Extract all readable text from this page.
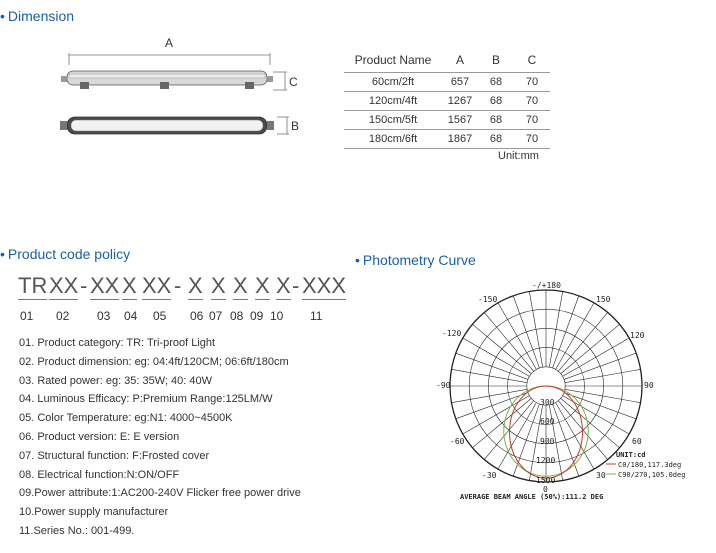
• Dimension
A
C
B
Product Name	A	B	C
60cm/2ft	657	68	70
120cm/4ft	1267	68	70
150cm/5ft	1567	68	70
180cm/6ft	1867	68	70
Unit:mm
• Product code policy
TR XX - XX X XX - X X X X X - XXX
01 02 03 04 05 06 07 08 09 10 11
01. Product category: TR: Tri-proof Light
02. Product dimension: eg: 04:4ft/120CM; 06:6ft/180cm
03. Rated power: eg: 35: 35W; 40: 40W
04. Luminous Efficacy: P:Premium Range:125LM/W
05. Color Temperature: eg:N1: 4000~4500K
06. Product version: E: E version
07. Structural function: F:Frosted cover
08. Electrical function:N:ON/OFF
09.Power attribute:1:AC200-240V Flicker free power drive
10.Power supply manufacturer
11.Series No.: 001-499.
• Photometry Curve
-/+180
-150	150
-120	120
-90	90
-60	60
-30	30
0
300
600
900
1200
1500
UNIT:cd
C0/180,117.3deg
C90/270,105.0deg
AVERAGE BEAM ANGLE (50%):111.2 DEG
